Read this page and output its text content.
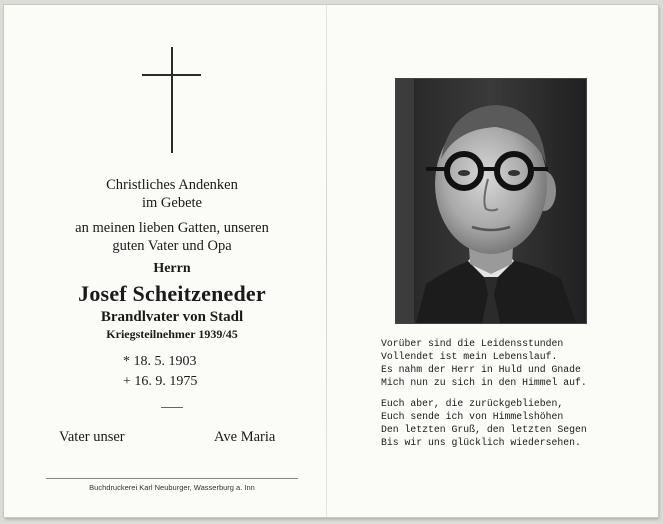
Christliches Andenken
im Gebete
an meinen lieben Gatten, unseren
guten Vater und Opa
Herrn
Josef Scheitzeneder
Brandlvater von Stadl
Kriegsteilnehmer 1939/45
* 18. 5. 1903
+ 16. 9. 1975
Vater unser	Ave Maria
Buchdruckerei Karl Neuburger, Wasserburg a. Inn
Vorüber sind die Leidensstunden
Vollendet ist mein Lebenslauf.
Es nahm der Herr in Huld und Gnade
Mich nun zu sich in den Himmel auf.
Euch aber, die zurückgeblieben,
Euch sende ich von Himmelshöhen
Den letzten Gruß, den letzten Segen
Bis wir uns glücklich wiedersehen.
